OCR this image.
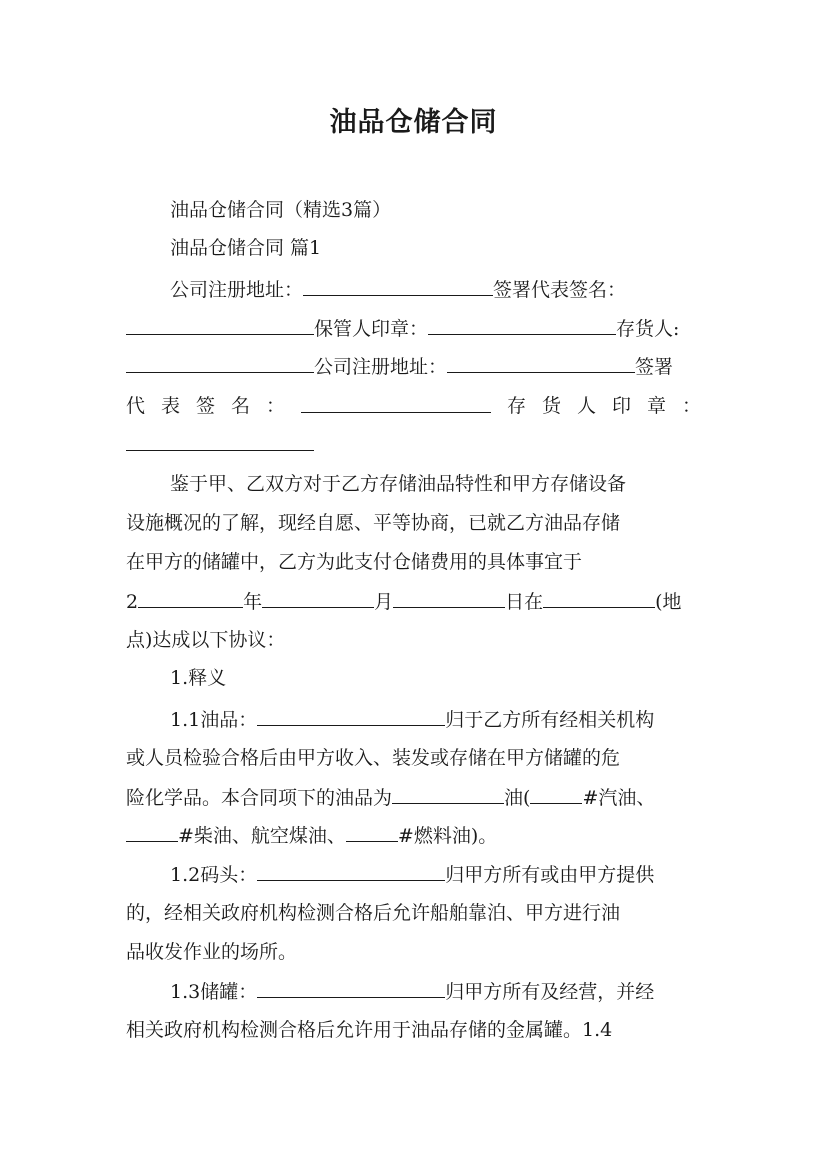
油品仓储合同
油品仓储合同（精选3篇）
油品仓储合同 篇1
公司注册地址：	签署代表签名：
保管人印章：	存货人:
公司注册地址：	签署
代 表 签 名 ：	存 货 人 印 章 ：
鉴于甲、乙双方对于乙方存储油品特性和甲方存储设备
设施概况的了解，现经自愿、平等协商，已就乙方油品存储
在甲方的储罐中，乙方为此支付仓储费用的具体事宜于
2	年	月	日在	(地
点)达成以下协议：
1.释义
1.1油品：	归于乙方所有经相关机构
或人员检验合格后由甲方收入、装发或存储在甲方储罐的危
险化学品。本合同项下的油品为	油(	#汽油、
#柴油、航空煤油、	#燃料油)。
1.2码头：	归甲方所有或由甲方提供
的，经相关政府机构检测合格后允许船舶靠泊、甲方进行油
品收发作业的场所。
1.3储罐：	归甲方所有及经营，并经
相关政府机构检测合格后允许用于油品存储的金属罐。1.4
